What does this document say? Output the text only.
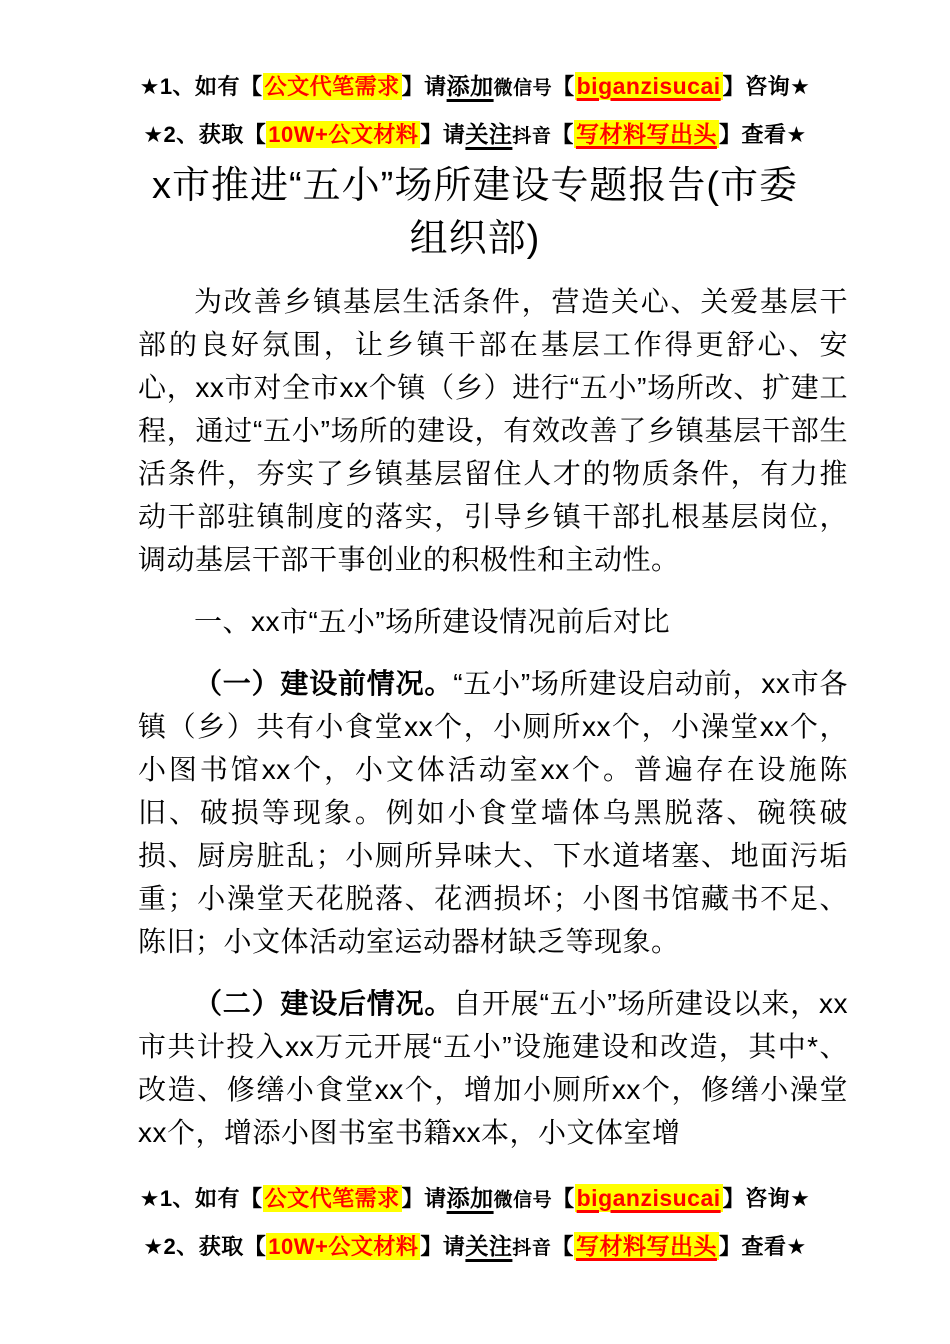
★1、如有【公文代笔需求】请添加微信号【biganzisucai】咨询★
★2、获取【10W+公文材料】请关注抖音【写材料写出头】查看★
x市推进“五小”场所建设专题报告(市委
组织部)

为改善乡镇基层生活条件，营造关心、关爱基层干部的良好氛围，让乡镇干部在基层工作得更舒心、安心，xx市对全市xx个镇（乡）进行“五小”场所改、扩建工程，通过“五小”场所的建设，有效改善了乡镇基层干部生活条件，夯实了乡镇基层留住人才的物质条件，有力推动干部驻镇制度的落实，引导乡镇干部扎根基层岗位，调动基层干部干事创业的积极性和主动性。

一、xx市“五小”场所建设情况前后对比

（一）建设前情况。“五小”场所建设启动前，xx市各镇（乡）共有小食堂xx个，小厕所xx个，小澡堂xx个，小图书馆xx个，小文体活动室xx个。普遍存在设施陈旧、破损等现象。例如小食堂墙体乌黑脱落、碗筷破损、厨房脏乱；小厕所异味大、下水道堵塞、地面污垢重；小澡堂天花脱落、花洒损坏；小图书馆藏书不足、陈旧；小文体活动室运动器材缺乏等现象。

（二）建设后情况。自开展“五小”场所建设以来，xx市共计投入xx万元开展“五小”设施建设和改造，其中*、改造、修缮小食堂xx个，增加小厕所xx个，修缮小澡堂xx个，增添小图书室书籍xx本，小文体室增

★1、如有【公文代笔需求】请添加微信号【biganzisucai】咨询★
★2、获取【10W+公文材料】请关注抖音【写材料写出头】查看★
